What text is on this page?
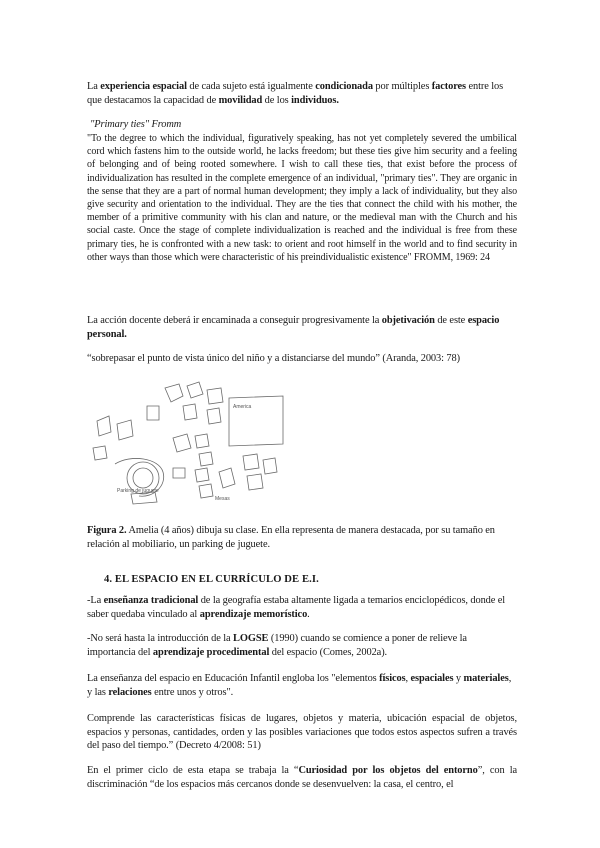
La experiencia espacial de cada sujeto está igualmente condicionada por múltiples factores entre los que destacamos la capacidad de movilidad de los individuos.

"Primary ties" Fromm

"To the degree to which the individual, figuratively speaking, has not yet completely severed the umbilical cord which fastens him to the outside world, he lacks freedom; but these ties give him security and a feeling of belonging and of being rooted somewhere. I wish to call these ties, that exist before the process of individualization has resulted in the complete emergence of an individual, "primary ties". They are organic in the sense that they are a part of normal human development; they imply a lack of individuality, but they also give security and orientation to the individual. They are the ties that connect the child with his mother, the member of a primitive community with his clan and nature, or the medieval man with the Church and his social caste. Once the stage of complete individualization is reached and the individual is free from these primary ties, he is confronted with a new task: to orient and root himself in the world and to find security in other ways than those which were characteristic of his preindividualistic existence" FROMM, 1969: 24

La acción docente deberá ir encaminada a conseguir progresivamente la objetivación de este espacio personal.

“sobrepasar el punto de vista único del niño y a distanciarse del mundo” (Aranda, 2003: 78)

America
Parking de juguete
Mesas

Figura 2. Amelia (4 años) dibuja su clase. En ella representa de manera destacada, por su tamaño en relación al mobiliario, un parking de juguete.

4. EL ESPACIO EN EL CURRÍCULO DE E.I.

-La enseñanza tradicional de la geografía estaba altamente ligada a temarios enciclopédicos, donde el saber quedaba vinculado al aprendizaje memorístico.

-No será hasta la introducción de la LOGSE (1990) cuando se comience a poner de relieve la importancia del aprendizaje procedimental del espacio (Comes, 2002a).

La enseñanza del espacio en Educación Infantil engloba los "elementos físicos, espaciales y materiales, y las relaciones entre unos y otros".

Comprende las características físicas de lugares, objetos y materia, ubicación espacial de objetos, espacios y personas, cantidades, orden y las posibles variaciones que todos estos aspectos sufren a través del paso del tiempo.” (Decreto 4/2008: 51)

En el primer ciclo de esta etapa se trabaja la “Curiosidad por los objetos del entorno”, con la discriminación “de los espacios más cercanos donde se desenvuelven: la casa, el centro, el
